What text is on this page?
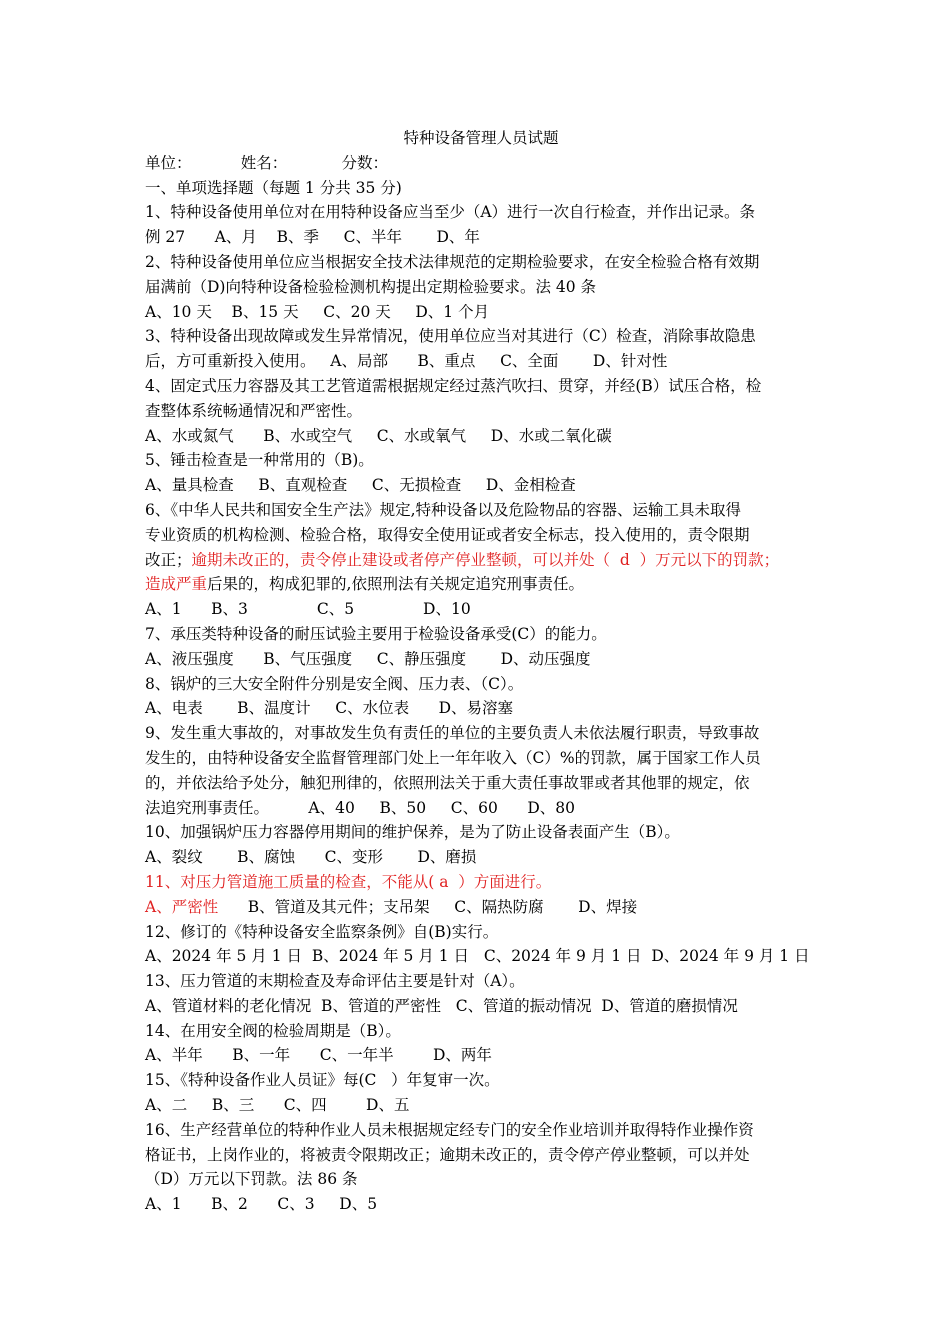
特种设备管理人员试题
单位：          姓名：           分数：
一、单项选择题（每题 1 分共 35 分)
1、特种设备使用单位对在用特种设备应当至少（A）进行一次自行检查，并作出记录。条
例 27      A、月    B、季     C、半年       D、年
2、特种设备使用单位应当根据安全技术法律规范的定期检验要求，在安全检验合格有效期
届满前（D)向特种设备检验检测机构提出定期检验要求。法 40 条
A、10 天    B、15 天     C、20 天     D、1 个月
3、特种设备出现故障或发生异常情况，使用单位应当对其进行（C）检查，消除事故隐患
后，方可重新投入使用。   A、局部      B、重点     C、全面       D、针对性
4、固定式压力容器及其工艺管道需根据规定经过蒸汽吹扫、贯穿，并经(B）试压合格，检
查整体系统畅通情况和严密性。
A、水或氮气      B、水或空气     C、水或氧气     D、水或二氧化碳
5、锤击检查是一种常用的（B)。
A、量具检查     B、直观检查     C、无损检查     D、金相检查
6、《中华人民共和国安全生产法》规定,特种设备以及危险物品的容器、运输工具未取得
专业资质的机构检测、检验合格，取得安全使用证或者安全标志，投入使用的，责令限期
改正；逾期未改正的，责令停止建设或者停产停业整顿，可以并处（  d  ）万元以下的罚款；
造成严重后果的，构成犯罪的,依照刑法有关规定追究刑事责任。
A、1      B、3              C、5              D、10
7、承压类特种设备的耐压试验主要用于检验设备承受(C）的能力。
A、液压强度      B、气压强度     C、静压强度       D、动压强度
8、锅炉的三大安全附件分别是安全阀、压力表、（C）。
A、电表       B、温度计     C、水位表      D、易溶塞
9、发生重大事故的，对事故发生负有责任的单位的主要负责人未依法履行职责，导致事故
发生的，由特种设备安全监督管理部门处上一年年收入（C）%的罚款，属于国家工作人员
的，并依法给予处分，触犯刑律的，依照刑法关于重大责任事故罪或者其他罪的规定，依
法追究刑事责任。        A、40     B、50     C、60      D、80
10、加强锅炉压力容器停用期间的维护保养，是为了防止设备表面产生（B）。
A、裂纹       B、腐蚀      C、变形       D、磨损
11、对压力管道施工质量的检查，不能从( a  ）方面进行。
A、严密性      B、管道及其元件；支吊架     C、隔热防腐       D、焊接
12、修订的《特种设备安全监察条例》自(B)实行。
A、2024 年 5 月 1 日  B、2024 年 5 月 1 日   C、2024 年 9 月 1 日  D、2024 年 9 月 1 日
13、压力管道的末期检查及寿命评估主要是针对（A）。
A、管道材料的老化情况  B、管道的严密性   C、管道的振动情况  D、管道的磨损情况
14、在用安全阀的检验周期是（B）。
A、半年      B、一年      C、一年半        D、两年
15、《特种设备作业人员证》每(C   ）年复审一次。
A、二     B、三      C、四        D、五
16、生产经营单位的特种作业人员未根据规定经专门的安全作业培训并取得特作业操作资
格证书，上岗作业的，将被责令限期改正；逾期未改正的，责令停产停业整顿，可以并处
（D）万元以下罚款。法 86 条
A、1      B、2      C、3     D、5
